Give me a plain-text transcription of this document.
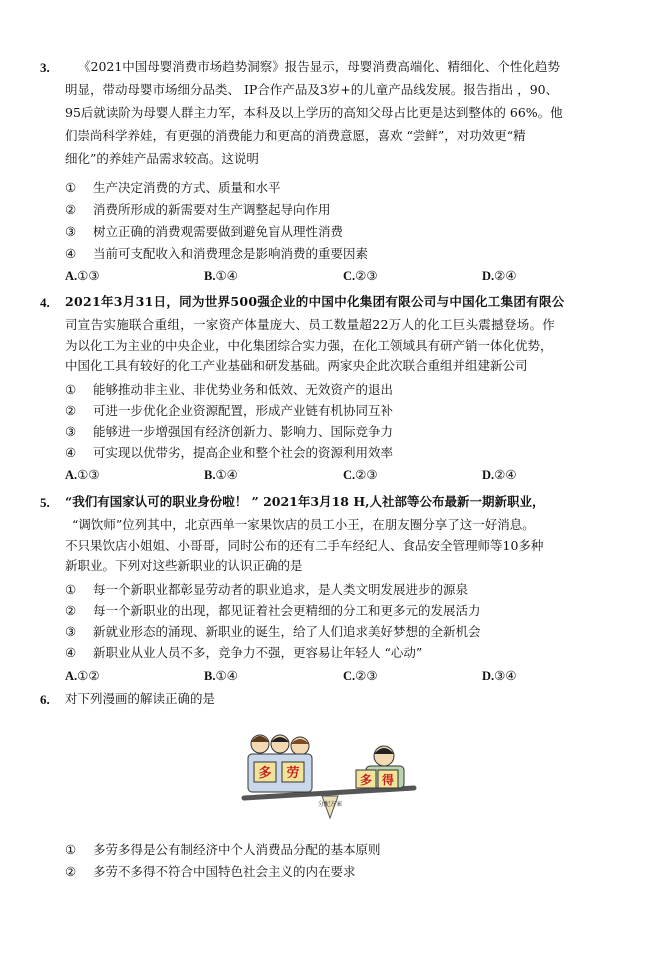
3. 《2021中国母婴消费市场趋势洞察》报告显示，母婴消费高端化、精细化、个性化趋势
明显，带动母婴市场细分品类、 IP合作产品及3岁+的儿童产品线发展。报告指出 ，90、
95后就读阶为母婴人群主力军，本科及以上学历的高知父母占比更是达到整体的 66%。他
们崇尚科学养娃，有更强的消费能力和更高的消费意愿，喜欢 “尝鲜”，对功效更“精
细化”的养娃产品需求较高。这说明
① 生产决定消费的方式、质量和水平
② 消费所形成的新需要对生产调整起导向作用
③ 树立正确的消费观需要做到避免盲从理性消费
④ 当前可支配收入和消费理念是影响消费的重要因素
A.①③	B.①④	C.②③	D.②④
4. 2021年3月31日，同为世界500强企业的中国中化集团有限公司与中国化工集团有限公
司宣告实施联合重组，一家资产体量庞大、员工数量超22万人的化工巨头震撼登场。作
为以化工为主业的中央企业，中化集团综合实力强，在化工领域具有研产销一体化优势，
中国化工具有较好的化工产业基础和研发基础。两家央企此次联合重组并组建新公司
① 能够推动非主业、非优势业务和低效、无效资产的退出
② 可进一步优化企业资源配置，形成产业链有机协同互补
③ 能够进一步增强国有经济创新力、影响力、国际竞争力
④ 可实现以优带劣，提高企业和整个社会的资源利用效率
A.①③	B.①④	C.②③	D.②④
5. “我们有国家认可的职业身份啦！ ” 2021年3月18 H,人社部等公布最新一期新职业，
“调饮师”位列其中，北京西单一家果饮店的员工小王，在朋友圈分享了这一好消息。
不只果饮店小姐姐、小哥哥，同时公布的还有二手车经纪人、食品安全管理师等10多种
新职业。下列对这些新职业的认识正确的是
① 每一个新职业都彰显劳动者的职业追求，是人类文明发展进步的源泉
② 每一个新职业的出现，都见证着社会更精细的分工和更多元的发展活力
③ 新就业形态的涌现、新职业的诞生，给了人们追求美好梦想的全新机会
④ 新职业从业人员不多，竞争力不强，更容易让年轻人 “心动”
A.①②	B.①④	C.②③	D.③④
6. 对下列漫画的解读正确的是
分配方案
多 劳	多 得
① 多劳多得是公有制经济中个人消费品分配的基本原则
② 多劳不多得不符合中国特色社会主义的内在要求
